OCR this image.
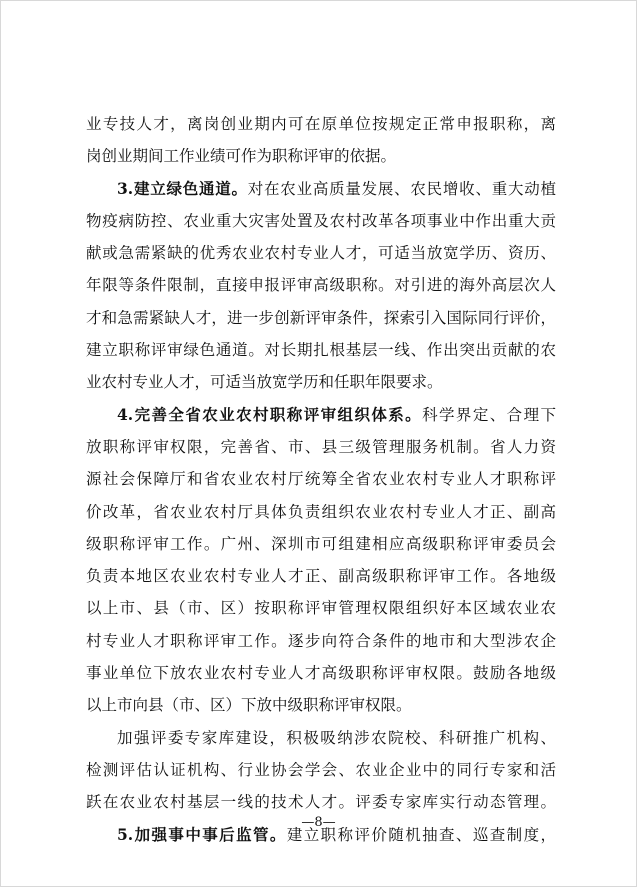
业专技人才，离岗创业期内可在原单位按规定正常申报职称，离
岗创业期间工作业绩可作为职称评审的依据。
3.建立绿色通道。对在农业高质量发展、农民增收、重大动植
物疫病防控、农业重大灾害处置及农村改革各项事业中作出重大贡
献或急需紧缺的优秀农业农村专业人才，可适当放宽学历、资历、
年限等条件限制，直接申报评审高级职称。对引进的海外高层次人
才和急需紧缺人才，进一步创新评审条件，探索引入国际同行评价，
建立职称评审绿色通道。对长期扎根基层一线、作出突出贡献的农
业农村专业人才，可适当放宽学历和任职年限要求。
4.完善全省农业农村职称评审组织体系。科学界定、合理下
放职称评审权限，完善省、市、县三级管理服务机制。省人力资
源社会保障厅和省农业农村厅统筹全省农业农村专业人才职称评
价改革，省农业农村厅具体负责组织农业农村专业人才正、副高
级职称评审工作。广州、深圳市可组建相应高级职称评审委员会
负责本地区农业农村专业人才正、副高级职称评审工作。各地级
以上市、县（市、区）按职称评审管理权限组织好本区域农业农
村专业人才职称评审工作。逐步向符合条件的地市和大型涉农企
事业单位下放农业农村专业人才高级职称评审权限。鼓励各地级
以上市向县（市、区）下放中级职称评审权限。
加强评委专家库建设，积极吸纳涉农院校、科研推广机构、
检测评估认证机构、行业协会学会、农业企业中的同行专家和活
跃在农业农村基层一线的技术人才。评委专家库实行动态管理。
5.加强事中事后监管。建立职称评价随机抽查、巡查制度，
—8—
